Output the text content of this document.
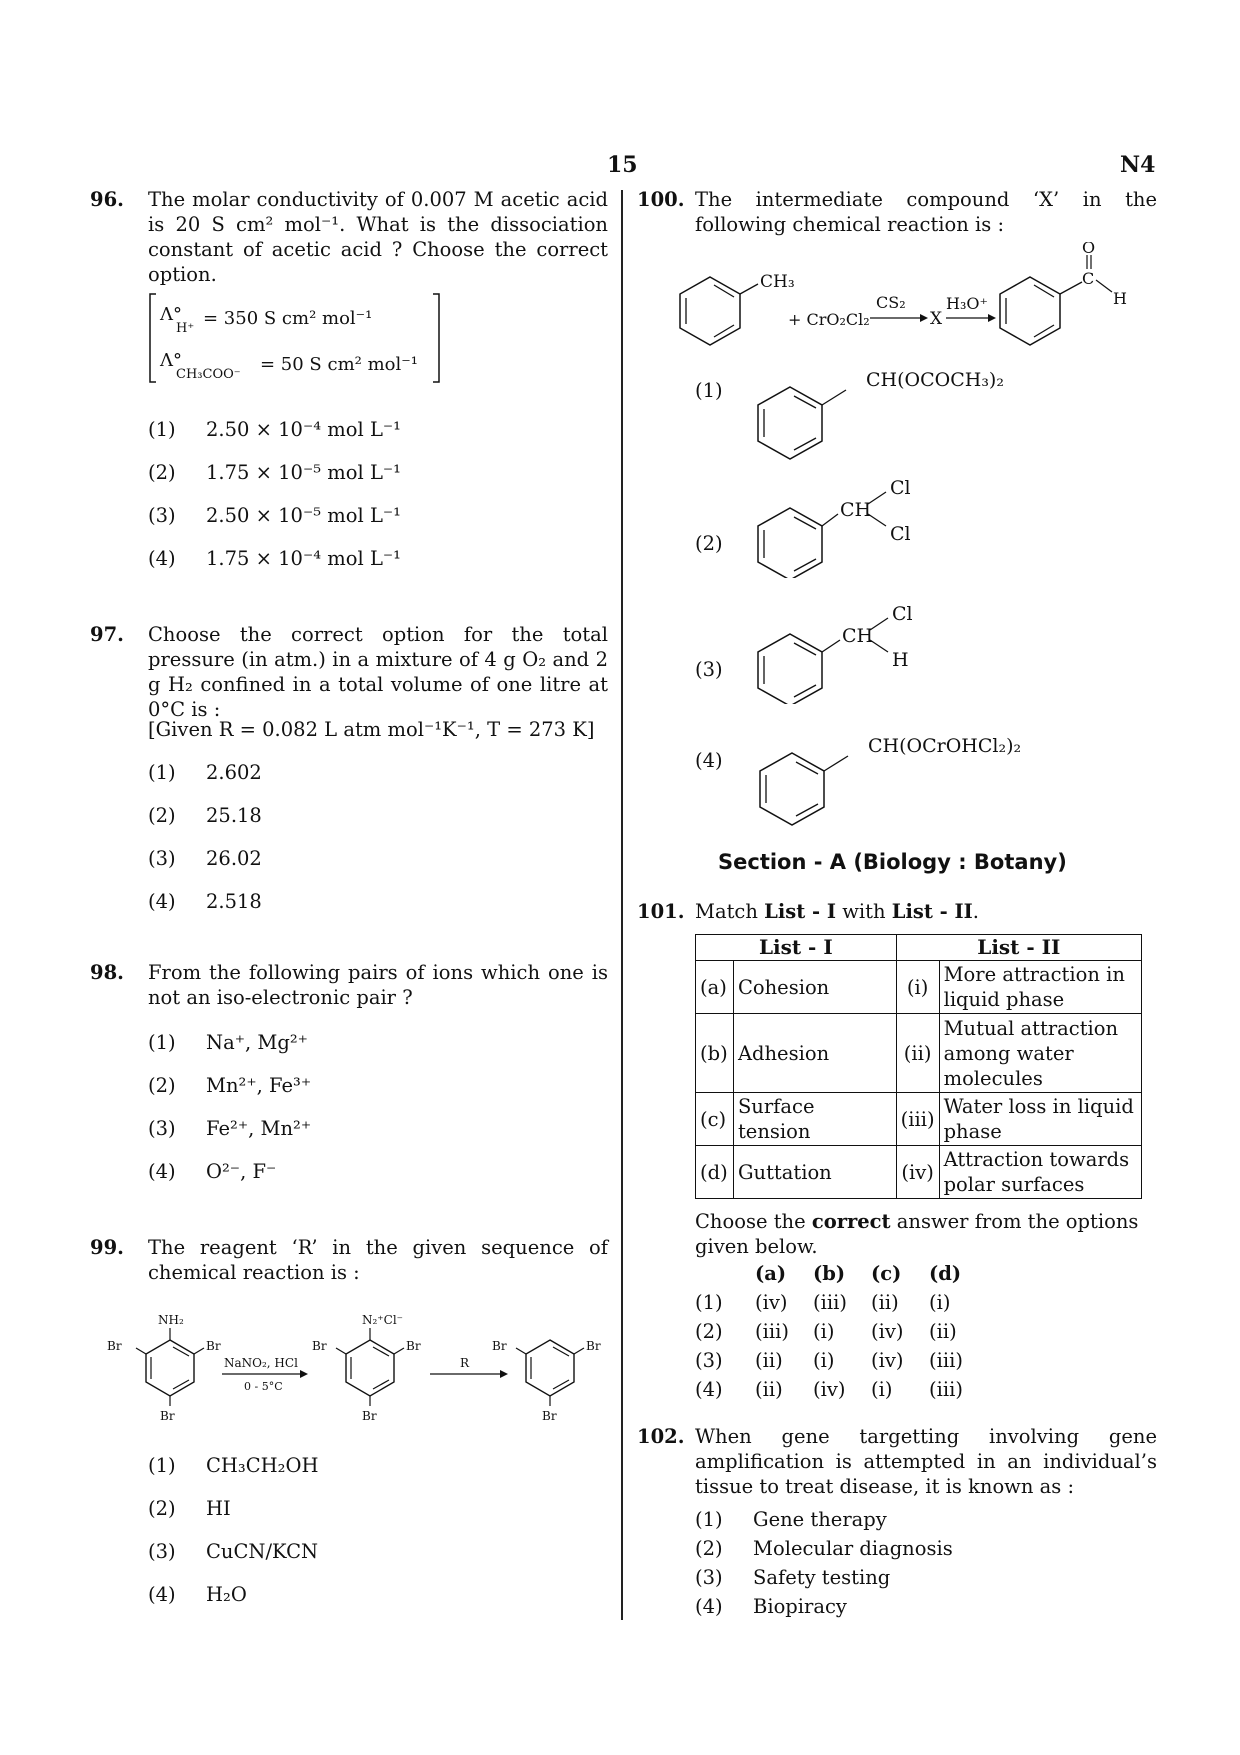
15	N4
96. The molar conductivity of 0.007 M acetic acid is 20 S cm² mol⁻¹. What is the dissociation constant of acetic acid ? Choose the correct option.
Λ°
H⁺ = 350 S cm² mol⁻¹
Λ°
CH₃COO⁻ = 50 S cm² mol⁻¹
(1) 2.50 × 10⁻⁴ mol L⁻¹
(2) 1.75 × 10⁻⁵ mol L⁻¹
(3) 2.50 × 10⁻⁵ mol L⁻¹
(4) 1.75 × 10⁻⁴ mol L⁻¹
97. Choose the correct option for the total pressure (in atm.) in a mixture of 4 g O₂ and 2 g H₂ confined in a total volume of one litre at 0°C is :
[Given R = 0.082 L atm mol⁻¹K⁻¹, T = 273 K]
(1) 2.602
(2) 25.18
(3) 26.02
(4) 2.518
98. From the following pairs of ions which one is not an iso-electronic pair ?
(1) Na⁺, Mg²⁺
(2) Mn²⁺, Fe³⁺
(3) Fe²⁺, Mn²⁺
(4) O²⁻, F⁻
99. The reagent ‘R’ in the given sequence of chemical reaction is :
NH₂
Br
Br
Br
NaNO₂, HCl
0 - 5°C
N₂⁺Cl⁻
Br
Br
Br
R
Br
Br
Br
(1) CH₃CH₂OH
(2) HI
(3) CuCN/KCN
(4) H₂O
100. The intermediate compound ‘X’ in the following chemical reaction is :
CH₃
+ CrO₂Cl₂
CS₂
X
H₃O⁺
C
O
H
(1)	CH(OCOCH₃)₂
(2)
CH
Cl
Cl
(3)
CH
Cl
H
(4)
CH(OCrOHCl₂)₂
Section - A (Biology : Botany)
101. Match List - I with List - II.
List - I		List - II	
(a)	Cohesion	(i)	More attraction in liquid phase
(b)	Adhesion	(ii)	Mutual attraction among water molecules
(c)	Surface tension	(iii)	Water loss in liquid phase
(d)	Guttation	(iv)	Attraction towards polar surfaces
Choose the correct answer from the options given below.
(a) (b) (c) (d)
(1) (iv) (iii) (ii) (i)
(2) (iii) (i) (iv) (ii)
(3) (ii) (i) (iv) (iii)
(4) (ii) (iv) (i) (iii)
102. When gene targetting involving gene amplification is attempted in an individual’s tissue to treat disease, it is known as :
(1) Gene therapy
(2) Molecular diagnosis
(3) Safety testing
(4) Biopiracy
